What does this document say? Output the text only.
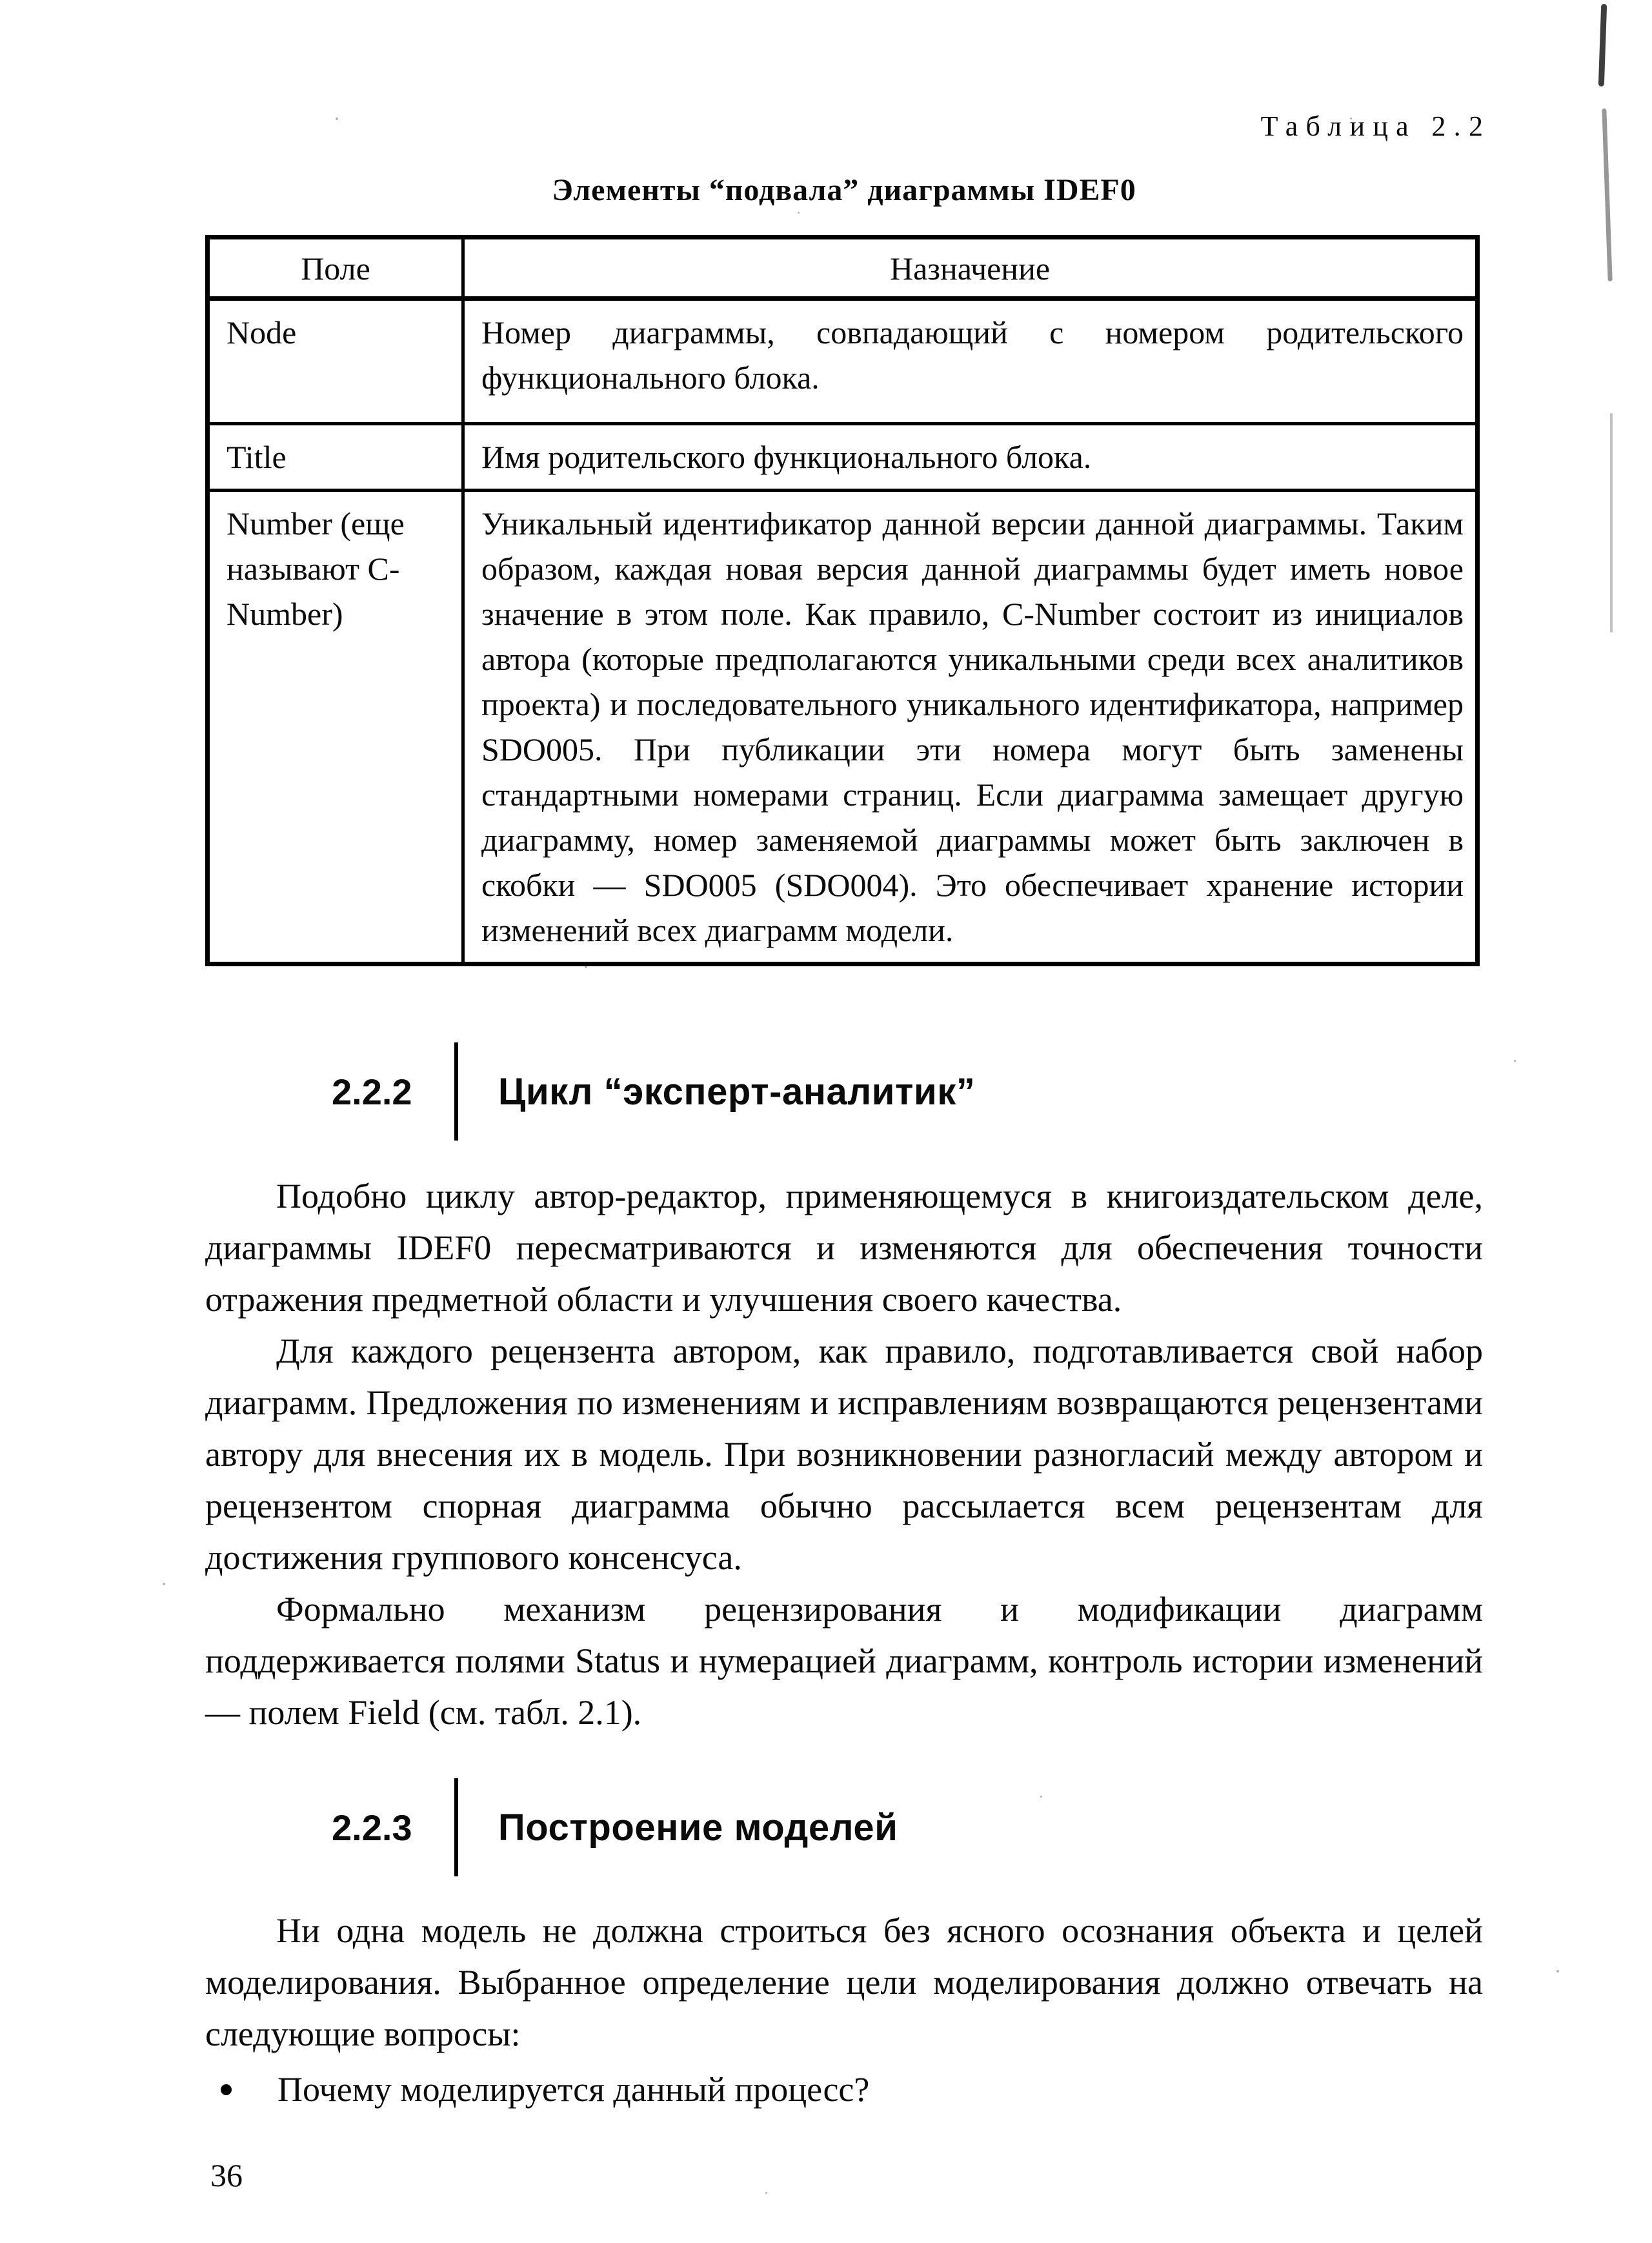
Таблица 2.2
Элементы “подвала” диаграммы IDEF0
Поле	Назначение
Node	Номер диаграммы, совпадающий с номером родительского функционального блока.
Title	Имя родительского функционального блока.
Number (еще называют C-Number)	Уникальный идентификатор данной версии данной диаграммы. Таким образом, каждая новая версия данной диаграммы будет иметь новое значение в этом поле. Как правило, C-Number состоит из инициалов автора (которые предполагаются уникальными среди всех аналитиков проекта) и последовательного уникального идентификатора, например SDO005. При публикации эти номера могут быть заменены стандартными номерами страниц. Если диаграмма замещает другую диаграмму, номер заменяемой диаграммы может быть заключен в скобки — SDO005 (SDO004). Это обеспечивает хранение истории изменений всех диаграмм модели.
2.2.2	Цикл “эксперт-аналитик”

Подобно циклу автор-редактор, применяющемуся в книгоиздательском деле, диаграммы IDEF0 пересматриваются и изменяются для обеспечения точности отражения предметной области и улучшения своего качества.

Для каждого рецензента автором, как правило, подготавливается свой набор диаграмм. Предложения по изменениям и исправлениям возвращаются рецензентами автору для внесения их в модель. При возникновении разногласий между автором и рецензентом спорная диаграмма обычно рассылается всем рецензентам для достижения группового консенсуса.

Формально механизм рецензирования и модификации диаграмм поддерживается полями Status и нумерацией диаграмм, контроль истории изменений — полем Field (см. табл. 2.1).

2.2.3	Построение моделей

Ни одна модель не должна строиться без ясного осознания объекта и целей моделирования. Выбранное определение цели моделирования должно отвечать на следующие вопросы:

Почему моделируется данный процесс?
36
